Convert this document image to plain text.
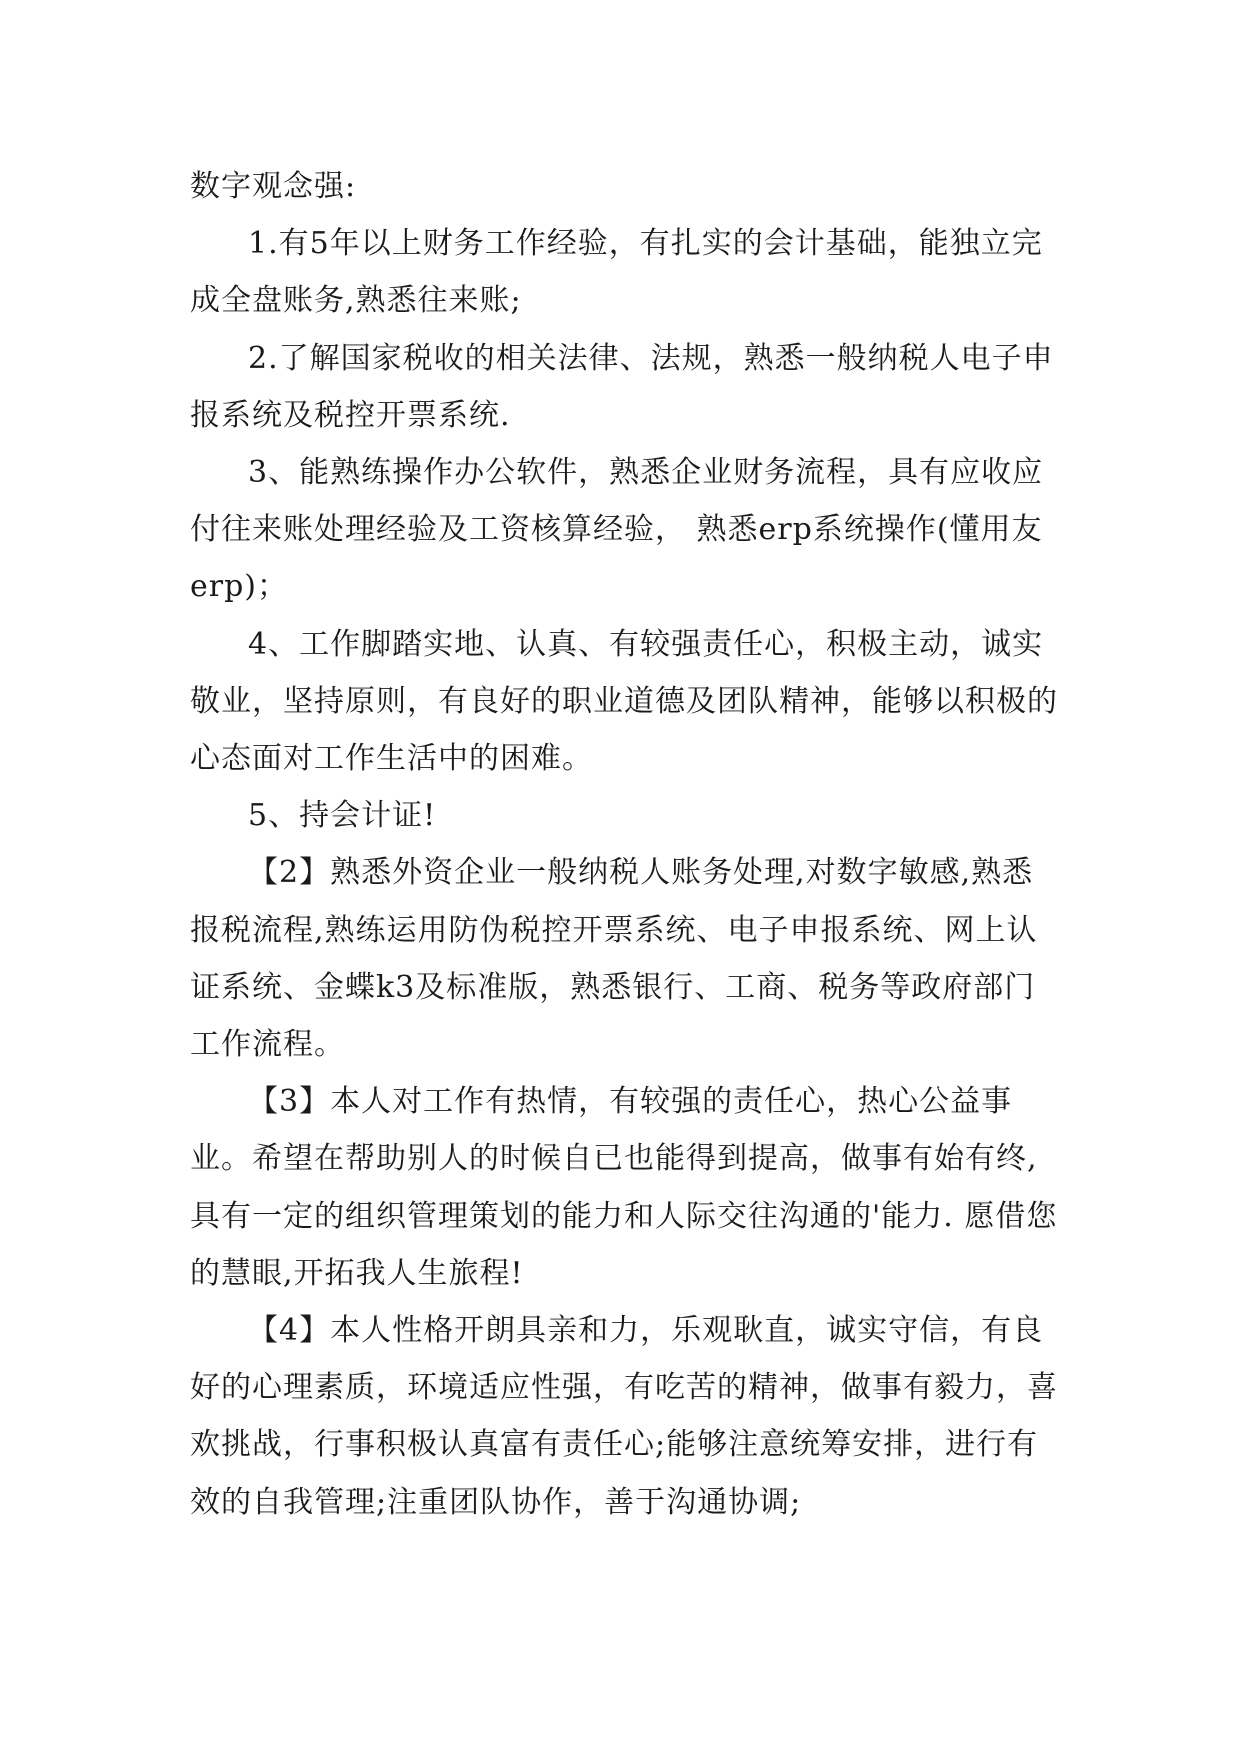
数字观念强:

1.有5年以上财务工作经验，有扎实的会计基础，能独立完成全盘账务,熟悉往来账;

2.了解国家税收的相关法律、法规，熟悉一般纳税人电子申报系统及税控开票系统.

3、能熟练操作办公软件，熟悉企业财务流程，具有应收应付往来账处理经验及工资核算经验， 熟悉erp系统操作(懂用友erp)；

4、工作脚踏实地、认真、有较强责任心，积极主动，诚实敬业，坚持原则，有良好的职业道德及团队精神，能够以积极的心态面对工作生活中的困难。

5、持会计证!

【2】熟悉外资企业一般纳税人账务处理,对数字敏感,熟悉报税流程,熟练运用防伪税控开票系统、电子申报系统、网上认证系统、金蝶k3及标准版，熟悉银行、工商、税务等政府部门工作流程。

【3】本人对工作有热情，有较强的责任心，热心公益事业。希望在帮助别人的时候自已也能得到提高，做事有始有终,具有一定的组织管理策划的能力和人际交往沟通的'能力. 愿借您的慧眼,开拓我人生旅程!

【4】本人性格开朗具亲和力，乐观耿直，诚实守信，有良好的心理素质，环境适应性强，有吃苦的精神，做事有毅力，喜欢挑战，行事积极认真富有责任心;能够注意统筹安排，进行有效的自我管理;注重团队协作，善于沟通协调;
